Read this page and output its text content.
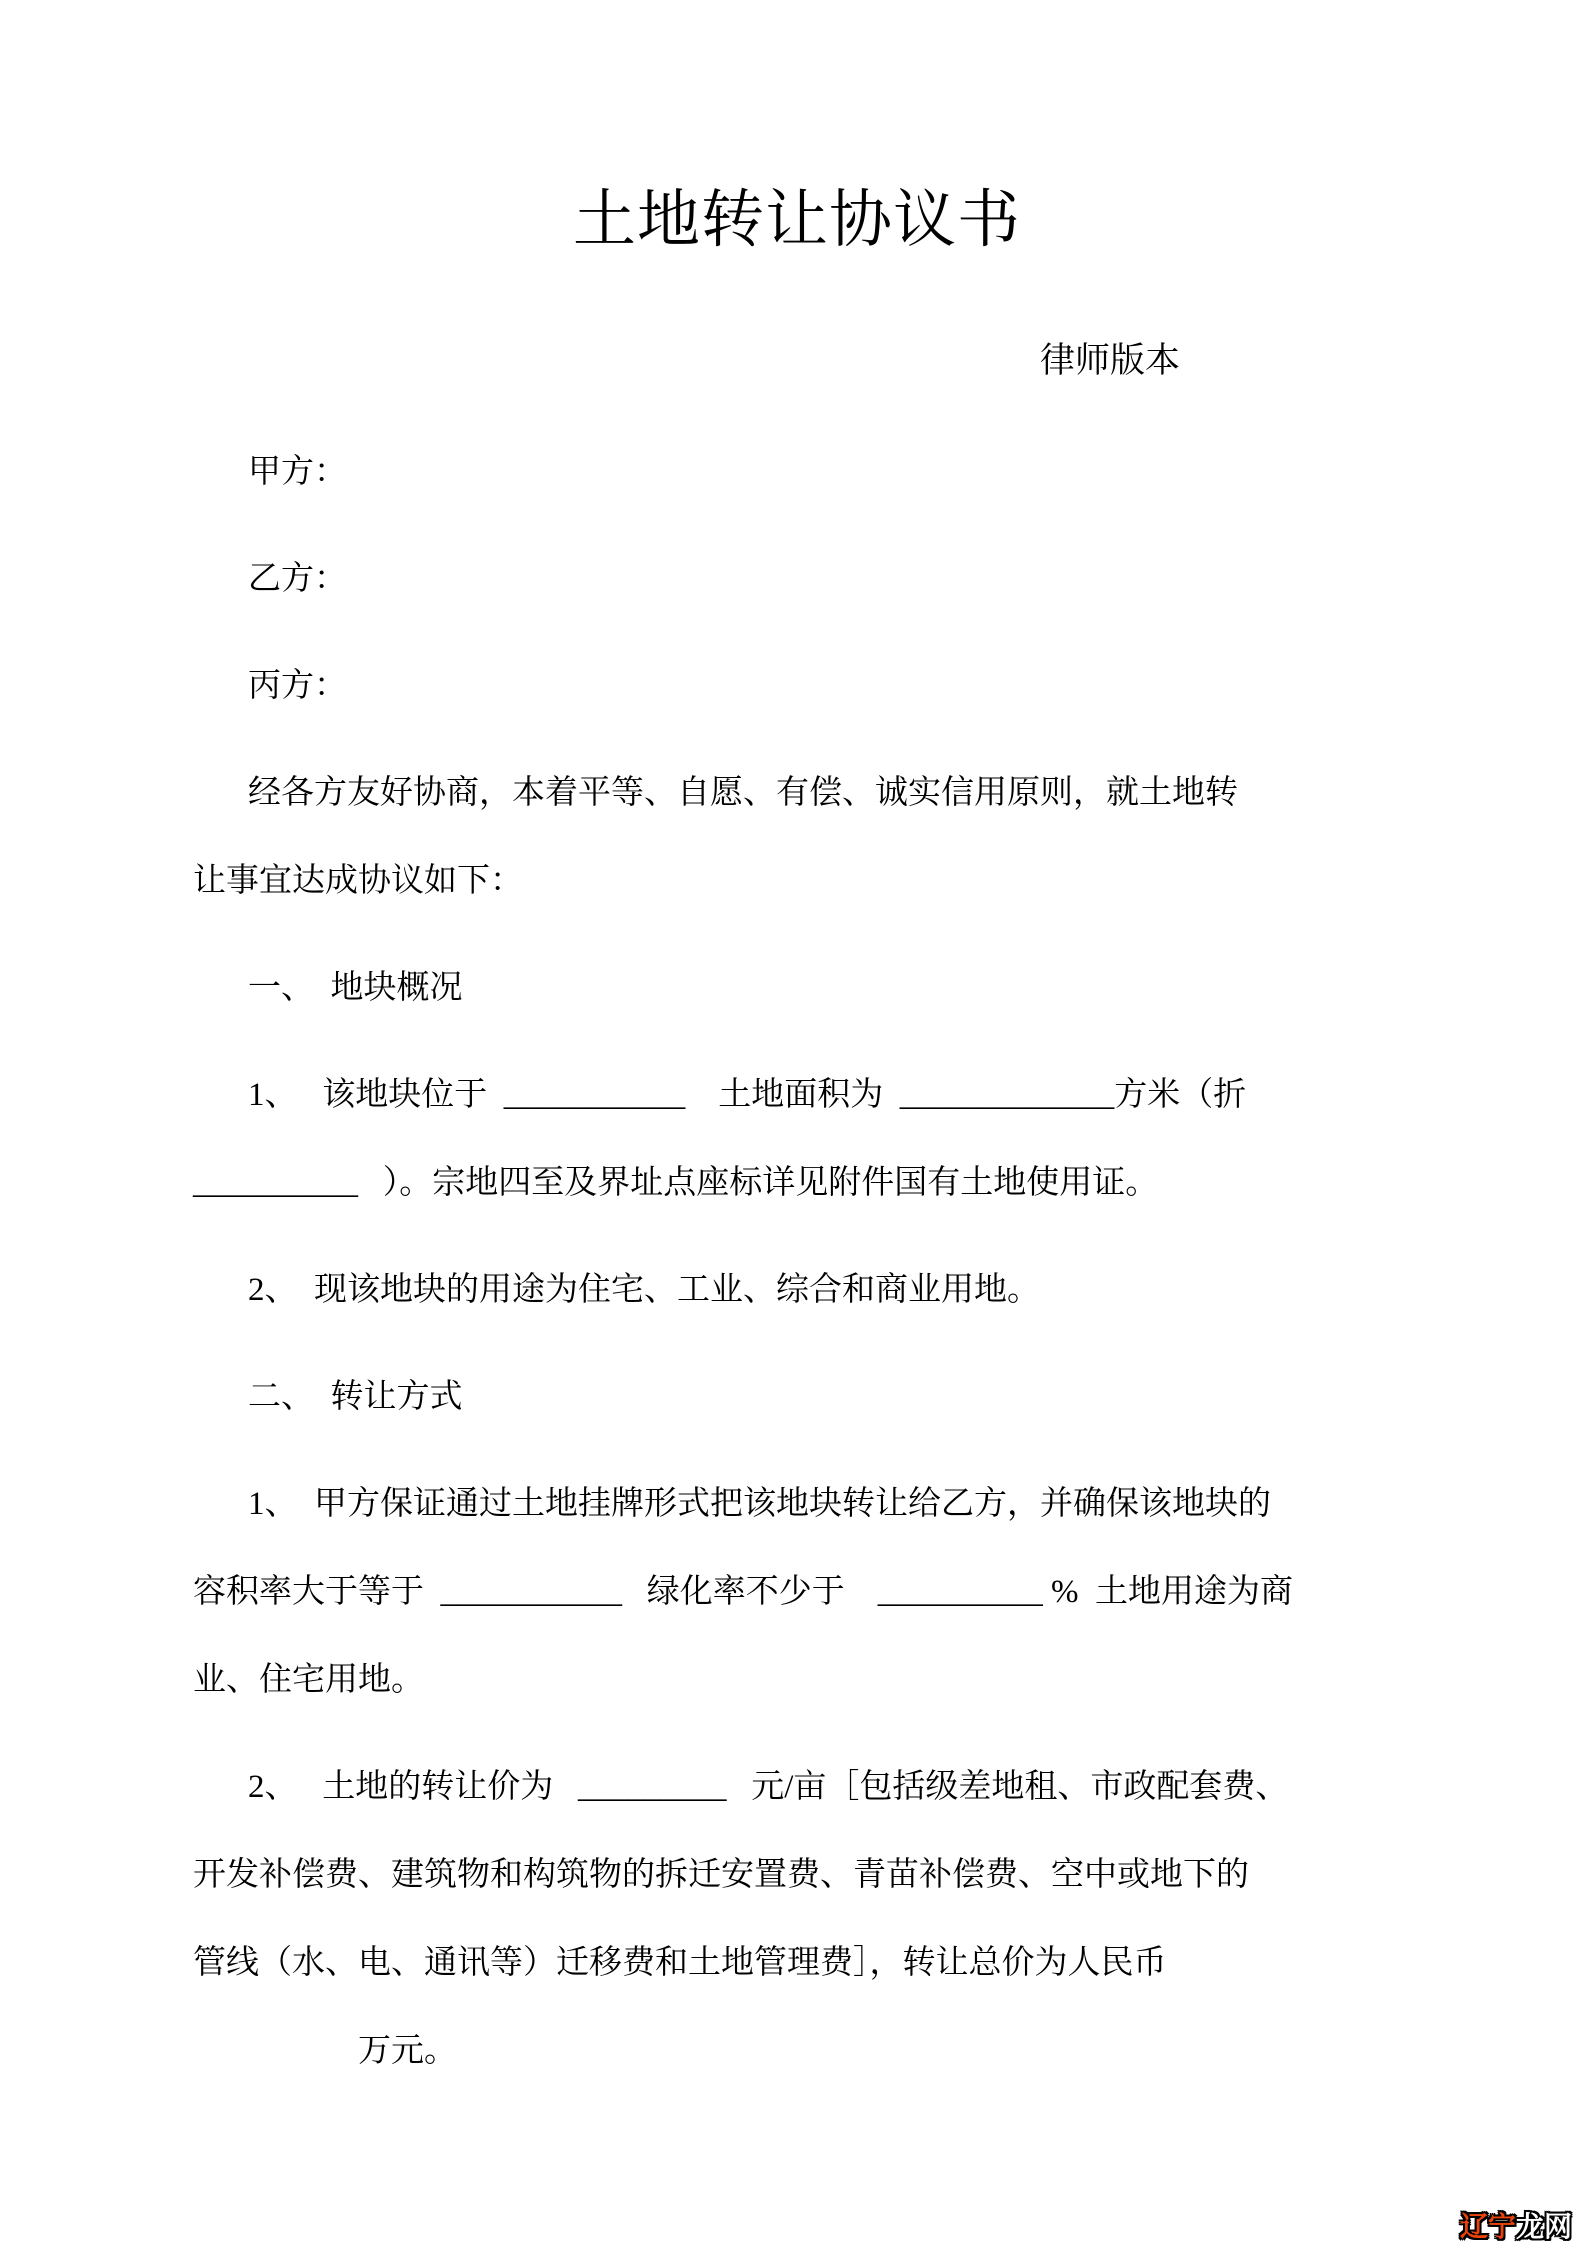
土地转让协议书
律师版本
甲方：
乙方：
丙方：
经各方友好协商，本着平等、自愿、有偿、诚实信用原则，就土地转
让事宜达成协议如下：
一、  地块概况
1、   该地块位于  ___________    土地面积为  _____________方米（折
__________   ）。宗地四至及界址点座标详见附件国有土地使用证。
2、  现该地块的用途为住宅、工业、综合和商业用地。
二、  转让方式
1、  甲方保证通过土地挂牌形式把该地块转让给乙方，并确保该地块的
容积率大于等于  ___________   绿化率不少于    __________ %  土地用途为商
业、住宅用地。
2、   土地的转让价为   _________   元/亩［包括级差地租、市政配套费、
开发补偿费、建筑物和构筑物的拆迁安置费、青苗补偿费、空中或地下的
管线（水、电、通讯等）迁移费和土地管理费］，转让总价为人民币
　　　　　万元。
辽宁龙网
